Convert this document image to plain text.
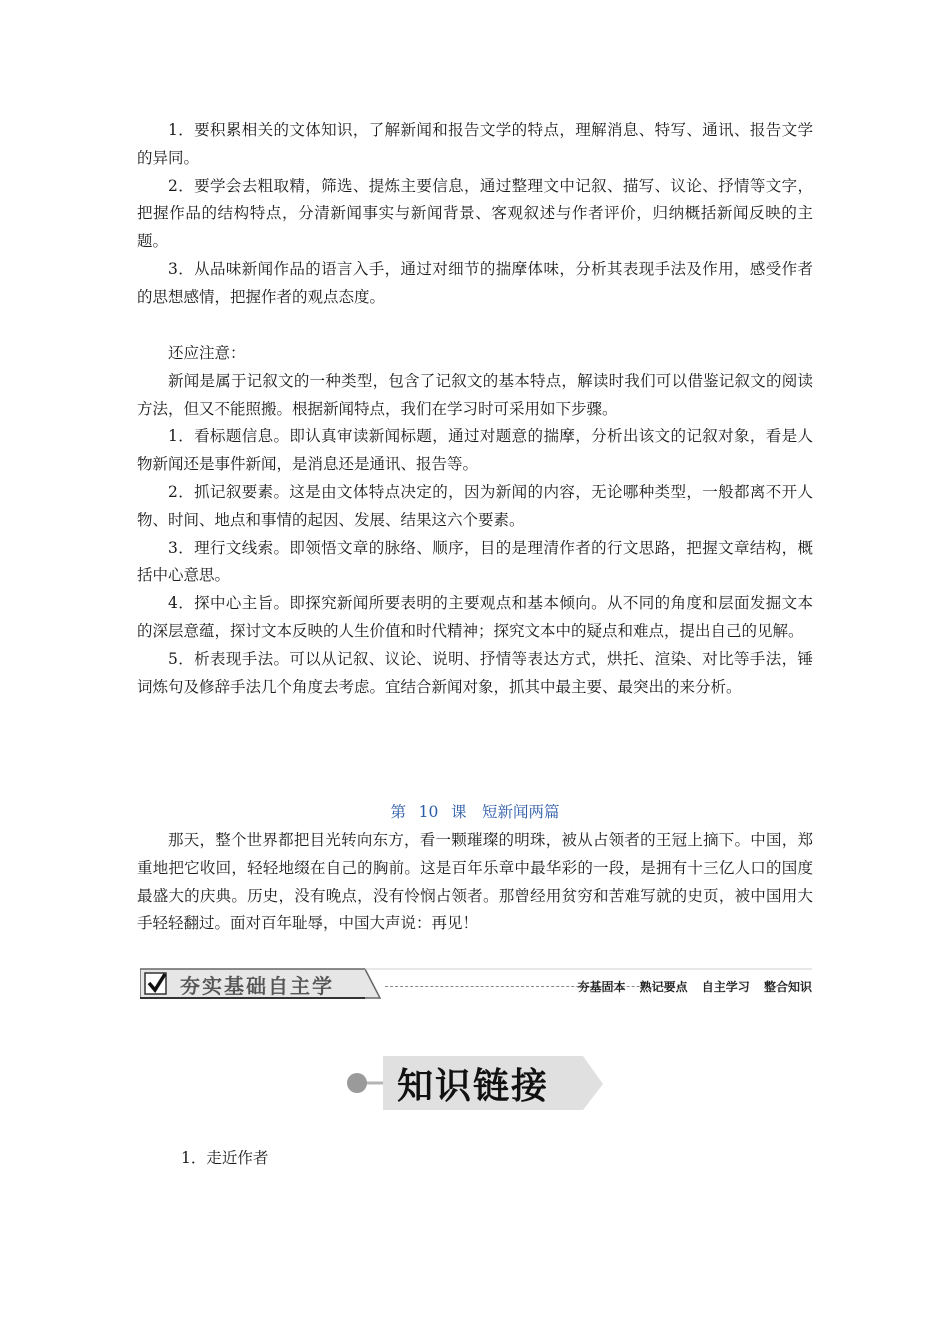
1．要积累相关的文体知识，了解新闻和报告文学的特点，理解消息、特写、通讯、报告文学的异同。

2．要学会去粗取精，筛选、提炼主要信息，通过整理文中记叙、描写、议论、抒情等文字，把握作品的结构特点，分清新闻事实与新闻背景、客观叙述与作者评价，归纳概括新闻反映的主题。

3．从品味新闻作品的语言入手，通过对细节的揣摩体味，分析其表现手法及作用，感受作者的思想感情，把握作者的观点态度。

还应注意：

新闻是属于记叙文的一种类型，包含了记叙文的基本特点，解读时我们可以借鉴记叙文的阅读方法，但又不能照搬。根据新闻特点，我们在学习时可采用如下步骤。

1．看标题信息。即认真审读新闻标题，通过对题意的揣摩，分析出该文的记叙对象，看是人物新闻还是事件新闻，是消息还是通讯、报告等。

2．抓记叙要素。这是由文体特点决定的，因为新闻的内容，无论哪种类型，一般都离不开人物、时间、地点和事情的起因、发展、结果这六个要素。

3．理行文线索。即领悟文章的脉络、顺序，目的是理清作者的行文思路，把握文章结构，概括中心意思。

4．探中心主旨。即探究新闻所要表明的主要观点和基本倾向。从不同的角度和层面发掘文本的深层意蕴，探讨文本反映的人生价值和时代精神；探究文本中的疑点和难点，提出自己的见解。

5．析表现手法。可以从记叙、议论、说明、抒情等表达方式，烘托、渲染、对比等手法，锤词炼句及修辞手法几个角度去考虑。宜结合新闻对象，抓其中最主要、最突出的来分析。

第 10 课　短新闻两篇

那天，整个世界都把目光转向东方，看一颗璀璨的明珠，被从占领者的王冠上摘下。中国，郑重地把它收回，轻轻地缀在自己的胸前。这是百年乐章中最华彩的一段，是拥有十三亿人口的国度最盛大的庆典。历史，没有晚点，没有怜悯占领者。那曾经用贫穷和苦难写就的史页，被中国用大手轻轻翻过。面对百年耻辱，中国大声说：再见！

夯实基础自主学	夯基固本 熟记要点 自主学习 整合知识
知识链接
1．走近作者
